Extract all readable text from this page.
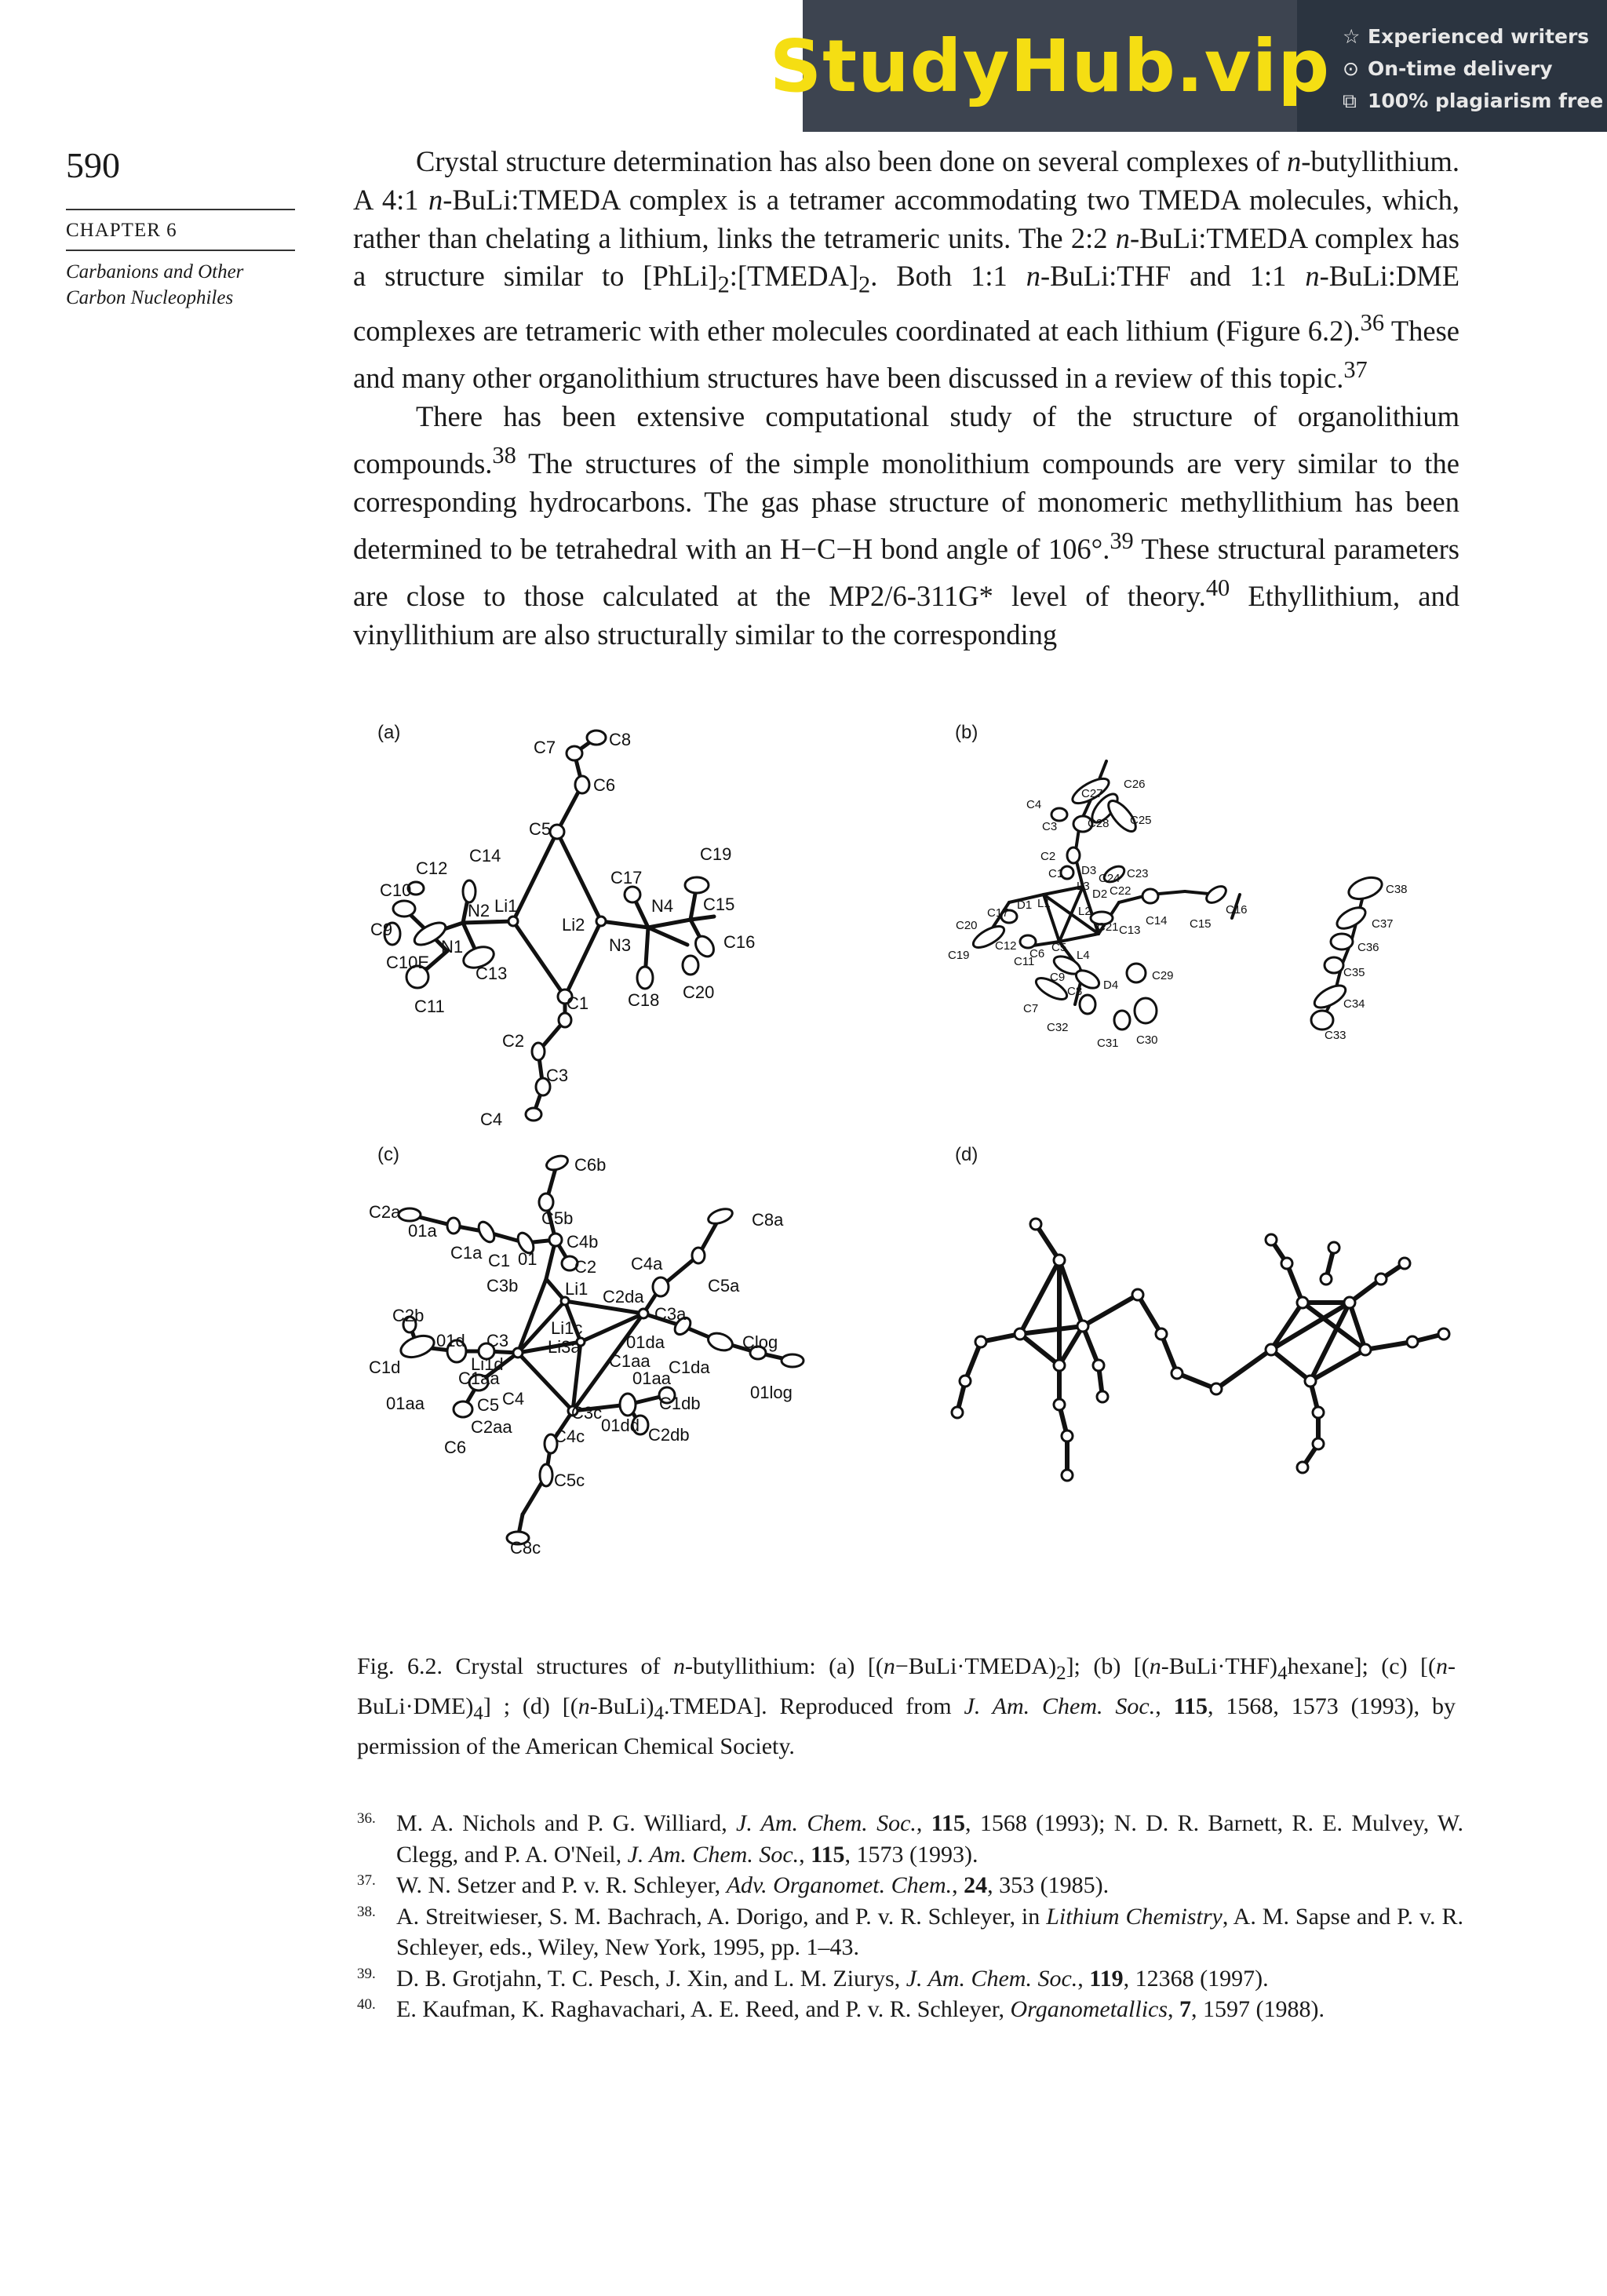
StudyHub.vip ☆ Experienced writers
⊙ On-time delivery
⧉ 100% plagiarism free
590
CHAPTER 6
Carbanions and Other
Carbon Nucleophiles

Crystal structure determination has also been done on several complexes of n-butyllithium. A 4:1 n-BuLi:TMEDA complex is a tetramer accommodating two TMEDA molecules, which, rather than chelating a lithium, links the tetrameric units. The 2:2 n-BuLi:TMEDA complex has a structure similar to $[PhLi]_2:[TMEDA]_2$. Both 1:1 n-BuLi:THF and 1:1 n-BuLi:DME complexes are tetrameric with ether molecules coordinated at each lithium (Figure 6.2).$^{36}$ These and many other organolithium structures have been discussed in a review of this topic.$^{37}$

There has been extensive computational study of the structure of organolithium compounds.$^{38}$ The structures of the simple monolithium compounds are very similar to the corresponding hydrocarbons. The gas phase structure of monomeric methyllithium has been determined to be tetrahedral with an H−C−H bond angle of 106°.$^{39}$ These structural parameters are close to those calculated at the MP2/6-311G* level of theory.$^{40}$ Ethyllithium, and vinyllithium are also structurally similar to the corresponding

(a)	(b)
(c)	(d)
C7	C8
C6
C5
C12
C14
C10
N2 Li1
C9
C10E
N1
C13
C11
Li2
C17
N4
C19
C15
N3	C16
C20
C18
C1
C2
C3
C4
C26
C27
C4
C3	C28 C25
C2
C1 D3
C24 C23
L3
D2 C22
D1 L1
L2	C16
C17
C21 C14 C15
C20	C13
C12	C5
C19	C11
C6	L4
C9
D4
C8
C29
C7
C32
C31 C30
C38
C37
C36
C35
C34
C33
C6b
C5b
C2a
01a
C4b
C8a
C1a C1 01 C2 C4a
C3b	Li1 C2da
C5a
C3a
C2b
Li1c
01d C3	01da	Clog
Li3a
C1d	Li1d
C1aa
C1da
C1aa
01aa
01log
01aa	C4
C5	C1db
C3c
01dd
C2aa	C2db
C4c
C6
C5c
C8c
Fig. 6.2. Crystal structures of n-butyllithium: (a) $[(n-BuLi\cdot TMEDA)_2]$; (b) $[(n-BuLi\cdot THF)_4hexane]$; (c) $[(n-BuLi\cdot DME)_4]$ ; (d) $[(n-BuLi)_4.TMEDA]$. Reproduced from J. Am. Chem. Soc., 115, 1568, 1573 (1993), by permission of the American Chemical Society.
36. M. A. Nichols and P. G. Williard, J. Am. Chem. Soc., 115, 1568 (1993); N. D. R. Barnett, R. E. Mulvey, W. Clegg, and P. A. O'Neil, J. Am. Chem. Soc., 115, 1573 (1993).
37. W. N. Setzer and P. v. R. Schleyer, Adv. Organomet. Chem., 24, 353 (1985).
38. A. Streitwieser, S. M. Bachrach, A. Dorigo, and P. v. R. Schleyer, in Lithium Chemistry, A. M. Sapse and P. v. R. Schleyer, eds., Wiley, New York, 1995, pp. 1–43.
39. D. B. Grotjahn, T. C. Pesch, J. Xin, and L. M. Ziurys, J. Am. Chem. Soc., 119, 12368 (1997).
40. E. Kaufman, K. Raghavachari, A. E. Reed, and P. v. R. Schleyer, Organometallics, 7, 1597 (1988).
